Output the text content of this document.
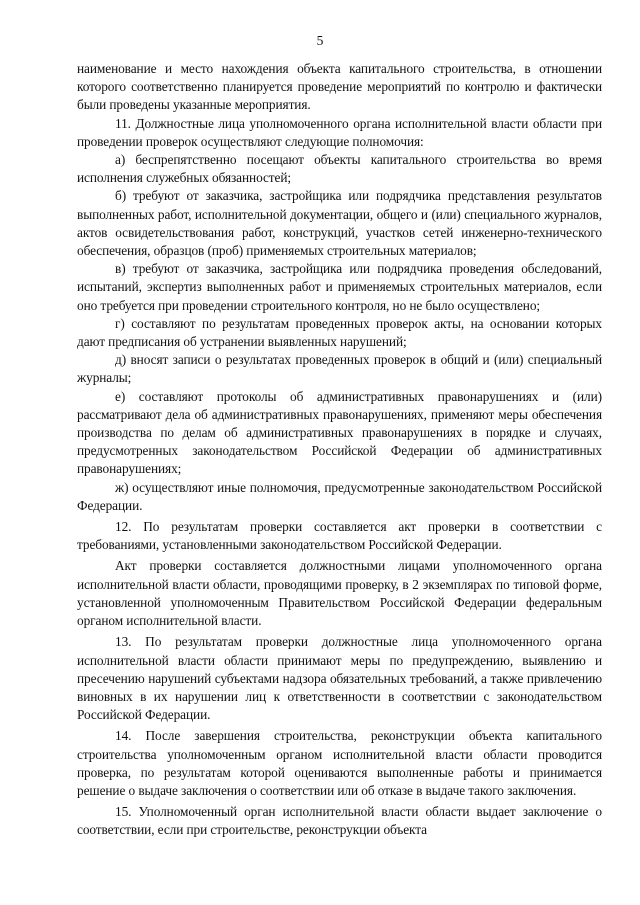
5

наименование и место нахождения объекта капитального строительства, в отношении которого соответственно планируется проведение мероприятий по контролю и фактически были проведены указанные мероприятия.

11. Должностные лица уполномоченного органа исполнительной власти области при проведении проверок осуществляют следующие полномочия:

а) беспрепятственно посещают объекты капитального строительства во время исполнения служебных обязанностей;

б) требуют от заказчика, застройщика или подрядчика представления результатов выполненных работ, исполнительной документации, общего и (или) специального журналов, актов освидетельствования работ, конструкций, участков сетей инженерно-технического обеспечения, образцов (проб) применяемых строительных материалов;

в) требуют от заказчика, застройщика или подрядчика проведения обследований, испытаний, экспертиз выполненных работ и применяемых строительных материалов, если оно требуется при проведении строительного контроля, но не было осуществлено;

г) составляют по результатам проведенных проверок акты, на основании которых дают предписания об устранении выявленных нарушений;

д) вносят записи о результатах проведенных проверок в общий и (или) специальный журналы;

е) составляют протоколы об административных правонарушениях и (или) рассматривают дела об административных правонарушениях, применяют меры обеспечения производства по делам об административных правонарушениях в порядке и случаях, предусмотренных законодательством Российской Федерации об административных правонарушениях;

ж) осуществляют иные полномочия, предусмотренные законодательством Российской Федерации.

12. По результатам проверки составляется акт проверки в соответствии с требованиями, установленными законодательством Российской Федерации.

Акт проверки составляется должностными лицами уполномоченного органа исполнительной власти области, проводящими проверку, в 2 экземплярах по типовой форме, установленной уполномоченным Правительством Российской Федерации федеральным органом исполнительной власти.

13. По результатам проверки должностные лица уполномоченного органа исполнительной власти области принимают меры по предупреждению, выявлению и пресечению нарушений субъектами надзора обязательных требований, а также привлечению виновных в их нарушении лиц к ответственности в соответствии с законодательством Российской Федерации.

14. После завершения строительства, реконструкции объекта капитального строительства уполномоченным органом исполнительной власти области проводится проверка, по результатам которой оцениваются выполненные работы и принимается решение о выдаче заключения о соответствии или об отказе в выдаче такого заключения.

15. Уполномоченный орган исполнительной власти области выдает заключение о соответствии, если при строительстве, реконструкции объекта
